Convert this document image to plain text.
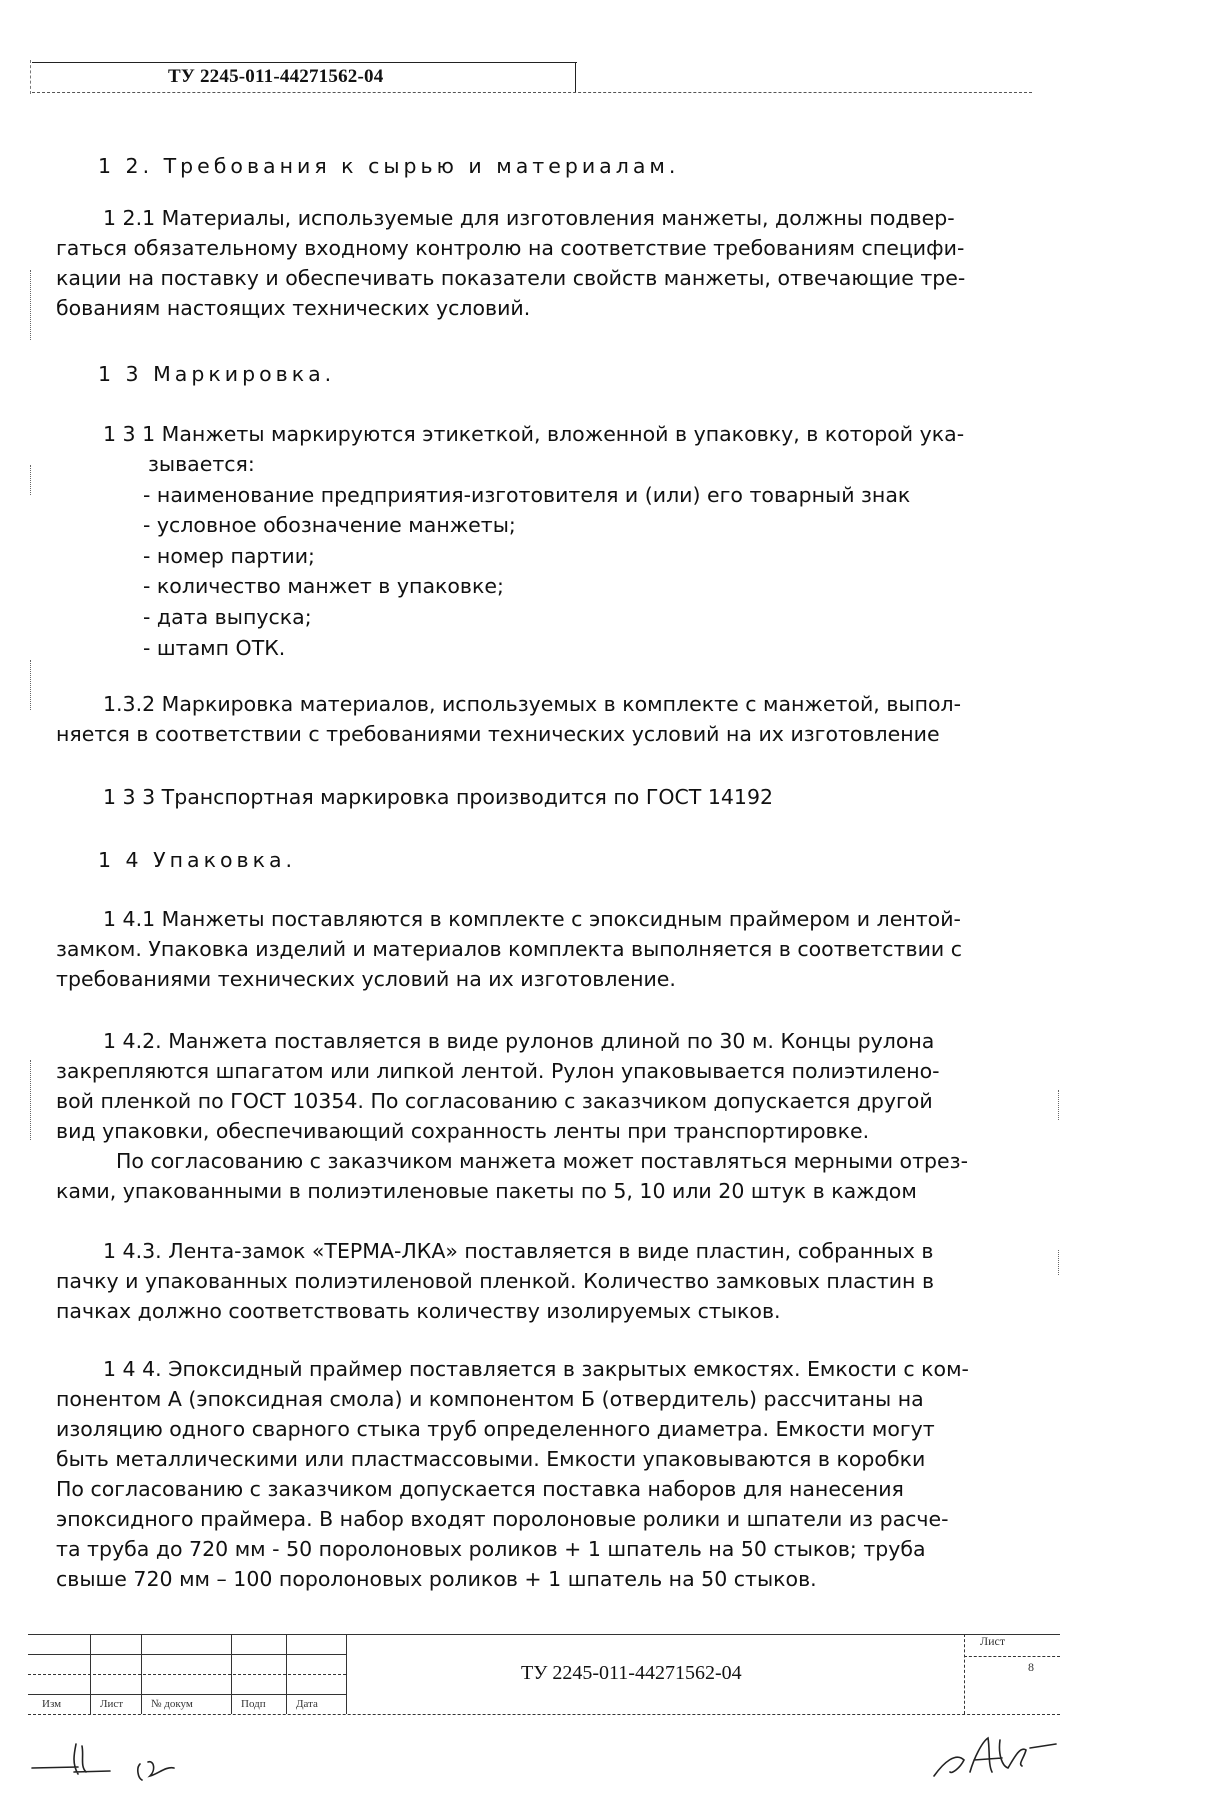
ТУ 2245-011-44271562-04
1 2. Требования к сырью и материалам.
1 2.1 Материалы, используемые для изготовления манжеты, должны подвер-
гаться обязательному входному контролю на соответствие требованиям специфи-
кации на поставку и обеспечивать показатели свойств манжеты, отвечающие тре-
бованиям настоящих технических условий.
1 3 Маркировка.
1 3 1 Манжеты маркируются этикеткой, вложенной в упаковку, в которой ука-
зывается:
- наименование предприятия-изготовителя и (или) его товарный знак
- условное обозначение манжеты;
- номер партии;
- количество манжет в упаковке;
- дата выпуска;
- штамп ОТК.
1.3.2 Маркировка материалов, используемых в комплекте с манжетой, выпол-
няется в соответствии с требованиями технических условий на их изготовление
1 3 3 Транспортная маркировка производится по ГОСТ 14192
1 4 Упаковка.
1 4.1 Манжеты поставляются в комплекте с эпоксидным праймером и лентой-
замком. Упаковка изделий и материалов комплекта выполняется в соответствии с
требованиями технических условий на их изготовление.
1 4.2. Манжета поставляется в виде рулонов длиной по 30 м. Концы рулона
закрепляются шпагатом или липкой лентой. Рулон упаковывается полиэтилено-
вой пленкой по ГОСТ 10354. По согласованию с заказчиком допускается другой
вид упаковки, обеспечивающий сохранность ленты при транспортировке.
По согласованию с заказчиком манжета может поставляться мерными отрез-
ками, упакованными в полиэтиленовые пакеты по 5, 10 или 20 штук в каждом
1 4.3. Лента-замок «ТЕРМА-ЛКА» поставляется в виде пластин, собранных в
пачку и упакованных полиэтиленовой пленкой. Количество замковых пластин в
пачках должно соответствовать количеству изолируемых стыков.
1 4 4. Эпоксидный праймер поставляется в закрытых емкостях. Емкости с ком-
понентом А (эпоксидная смола) и компонентом Б (отвердитель) рассчитаны на
изоляцию одного сварного стыка труб определенного диаметра. Емкости могут
быть металлическими или пластмассовыми. Емкости упаковываются в коробки
По согласованию с заказчиком допускается поставка наборов для нанесения
эпоксидного праймера. В набор входят поролоновые ролики и шпатели из расче-
та труба до 720 мм - 50 поролоновых роликов + 1 шпатель на 50 стыков; труба
свыше 720 мм – 100 поролоновых роликов + 1 шпатель на 50 стыков.
Изм	Лист	№ докум	Подп	Дата
ТУ 2245-011-44271562-04
Лист
8
